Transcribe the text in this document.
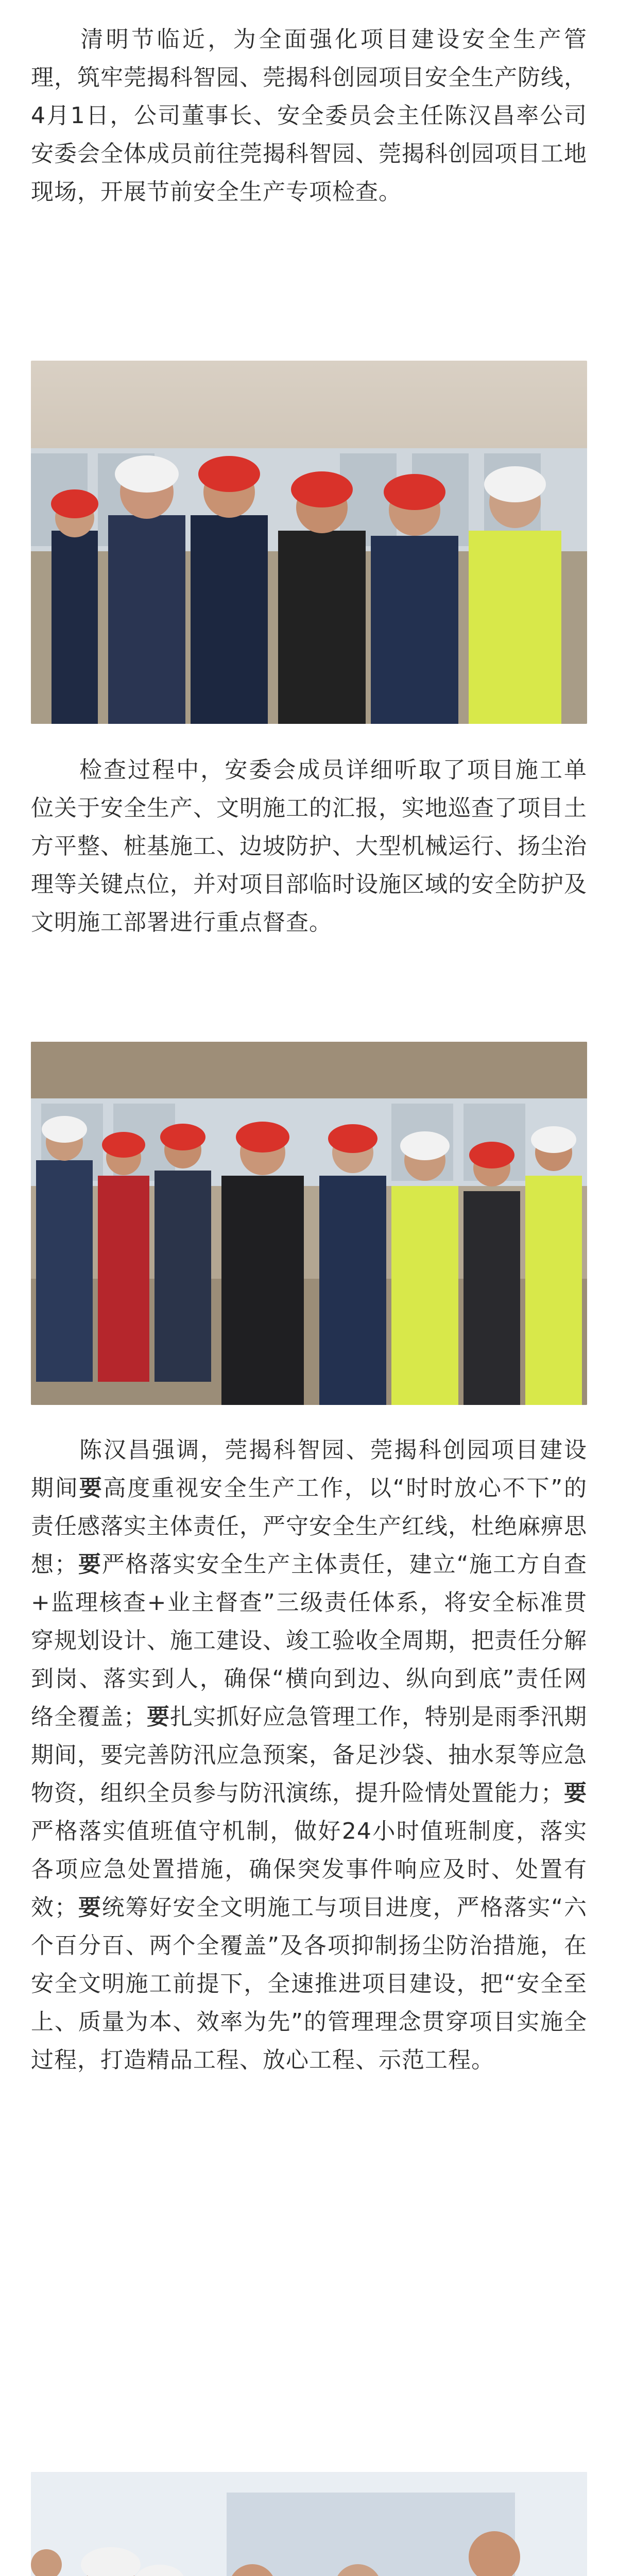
清明节临近，为全面强化项目建设安全生产管理，筑牢莞揭科智园、莞揭科创园项目安全生产防线，4月1日，公司董事长、安全委员会主任陈汉昌率公司安委会全体成员前往莞揭科智园、莞揭科创园项目工地现场，开展节前安全生产专项检查。

检查过程中，安委会成员详细听取了项目施工单位关于安全生产、文明施工的汇报，实地巡查了项目土方平整、桩基施工、边坡防护、大型机械运行、扬尘治理等关键点位，并对项目部临时设施区域的安全防护及文明施工部署进行重点督查。

陈汉昌强调，莞揭科智园、莞揭科创园项目建设期间要高度重视安全生产工作，以“时时放心不下”的责任感落实主体责任，严守安全生产红线，杜绝麻痹思想；要严格落实安全生产主体责任，建立“施工方自查+监理核查+业主督查”三级责任体系，将安全标准贯穿规划设计、施工建设、竣工验收全周期，把责任分解到岗、落实到人，确保“横向到边、纵向到底”责任网络全覆盖；要扎实抓好应急管理工作，特别是雨季汛期期间，要完善防汛应急预案，备足沙袋、抽水泵等应急物资，组织全员参与防汛演练，提升险情处置能力；要严格落实值班值守机制，做好24小时值班制度，落实各项应急处置措施，确保突发事件响应及时、处置有效；要统筹好安全文明施工与项目进度，严格落实“六个百分百、两个全覆盖”及各项抑制扬尘防治措施，在安全文明施工前提下，全速推进项目建设，把“安全至上、质量为本、效率为先”的管理理念贯穿项目实施全过程，打造精品工程、放心工程、示范工程。
